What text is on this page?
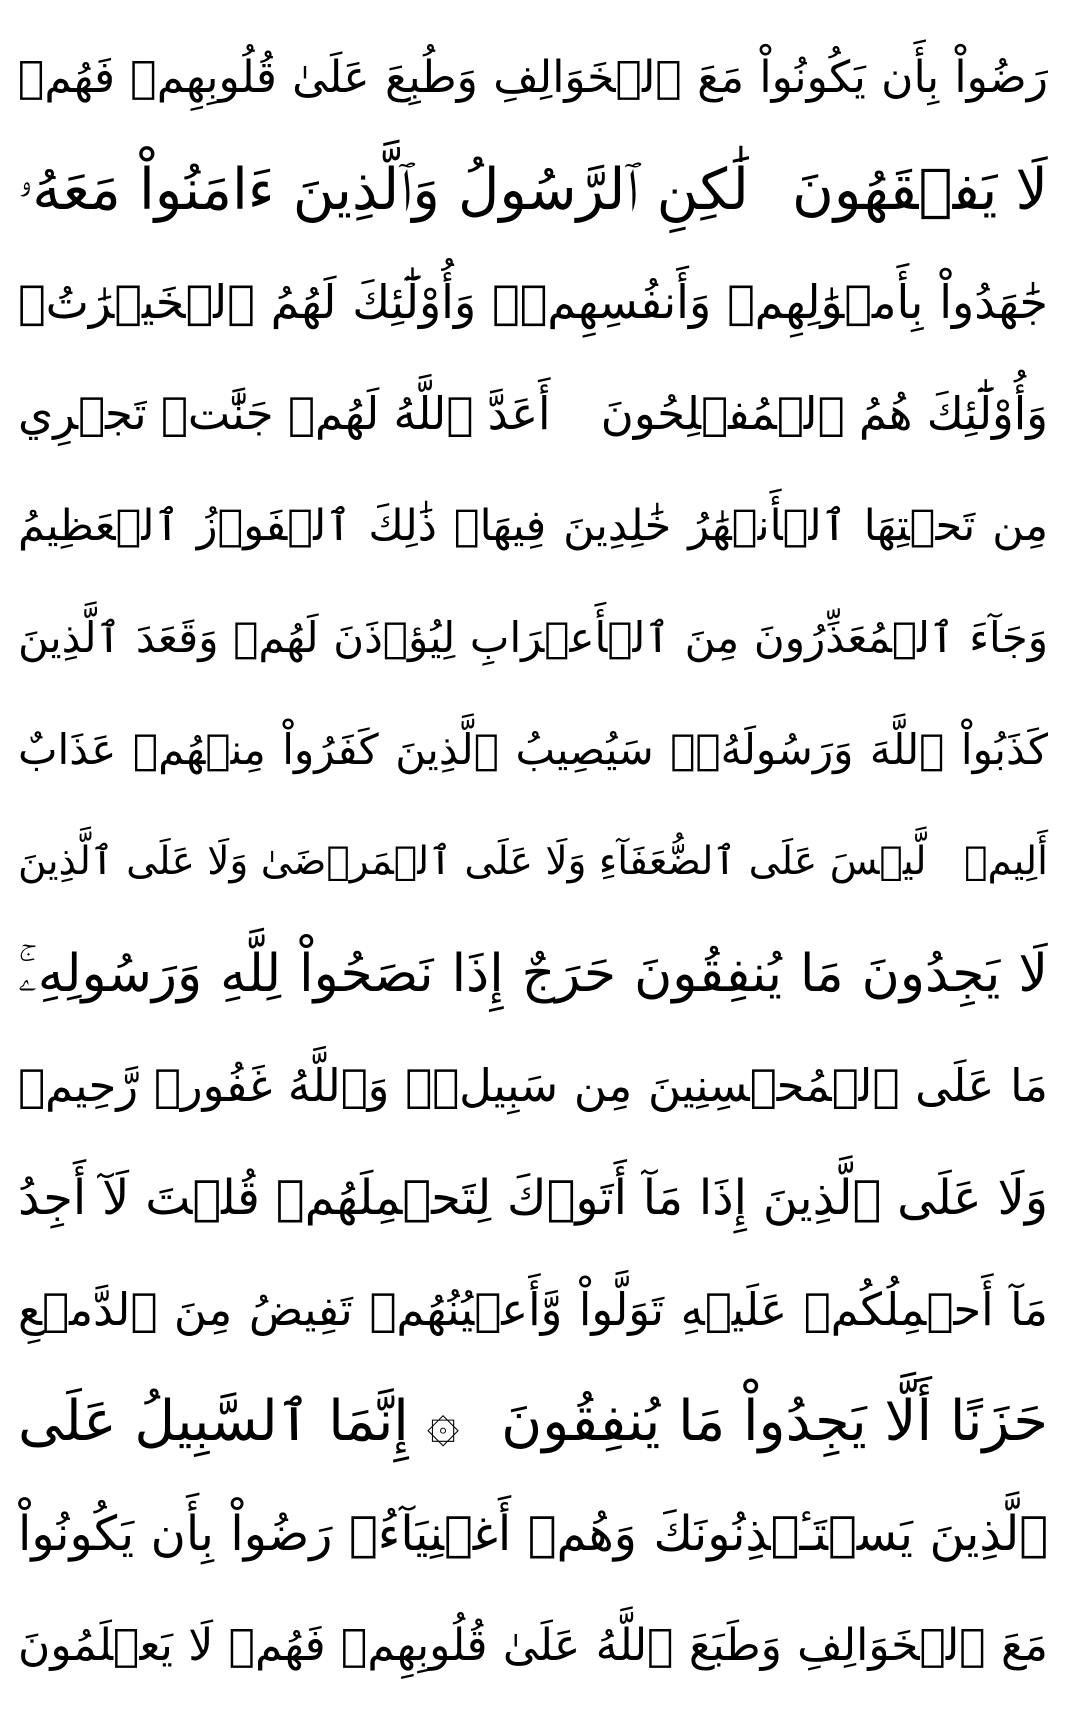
رَضُواْ بِأَن يَكُونُواْ مَعَ ٱلۡخَوَالِفِ وَطُبِعَ عَلَىٰ قُلُوبِهِمۡ فَهُمۡ
لَا يَفۡقَهُونَ
لَٰكِنِ ٱلرَّسُولُ وَٱلَّذِينَ ءَامَنُواْ مَعَهُۥ
جَٰهَدُواْ بِأَمۡوَٰلِهِمۡ وَأَنفُسِهِمۡۚ وَأُوْلَٰٓئِكَ لَهُمُ ٱلۡخَيۡرَٰتُۖ
وَأُوْلَٰٓئِكَ هُمُ ٱلۡمُفۡلِحُونَ
أَعَدَّ ٱللَّهُ لَهُمۡ جَنَّٰتٖ تَجۡرِي
مِن تَحۡتِهَا ٱلۡأَنۡهَٰرُ خَٰلِدِينَ فِيهَاۚ ذَٰلِكَ ٱلۡفَوۡزُ ٱلۡعَظِيمُ
وَجَآءَ ٱلۡمُعَذِّرُونَ مِنَ ٱلۡأَعۡرَابِ لِيُؤۡذَنَ لَهُمۡ وَقَعَدَ ٱلَّذِينَ
كَذَبُواْ ٱللَّهَ وَرَسُولَهُۥۚ سَيُصِيبُ ٱلَّذِينَ كَفَرُواْ مِنۡهُمۡ عَذَابٌ
أَلِيمٞ
لَّيۡسَ عَلَى ٱلضُّعَفَآءِ وَلَا عَلَى ٱلۡمَرۡضَىٰ وَلَا عَلَى ٱلَّذِينَ
لَا يَجِدُونَ مَا يُنفِقُونَ حَرَجٌ إِذَا نَصَحُواْ لِلَّهِ وَرَسُولِهِۦۚ
مَا عَلَى ٱلۡمُحۡسِنِينَ مِن سَبِيلٖۚ وَٱللَّهُ غَفُورٞ رَّحِيمٞ
وَلَا عَلَى ٱلَّذِينَ إِذَا مَآ أَتَوۡكَ لِتَحۡمِلَهُمۡ قُلۡتَ لَآ أَجِدُ
مَآ أَحۡمِلُكُمۡ عَلَيۡهِ تَوَلَّواْ وَّأَعۡيُنُهُمۡ تَفِيضُ مِنَ ٱلدَّمۡعِ
حَزَنًا أَلَّا يَجِدُواْ مَا يُنفِقُونَ
۞ إِنَّمَا ٱلسَّبِيلُ عَلَى
ٱلَّذِينَ يَسۡتَـٔۡذِنُونَكَ وَهُمۡ أَغۡنِيَآءُۚ رَضُواْ بِأَن يَكُونُواْ
مَعَ ٱلۡخَوَالِفِ وَطَبَعَ ٱللَّهُ عَلَىٰ قُلُوبِهِمۡ فَهُمۡ لَا يَعۡلَمُونَ
